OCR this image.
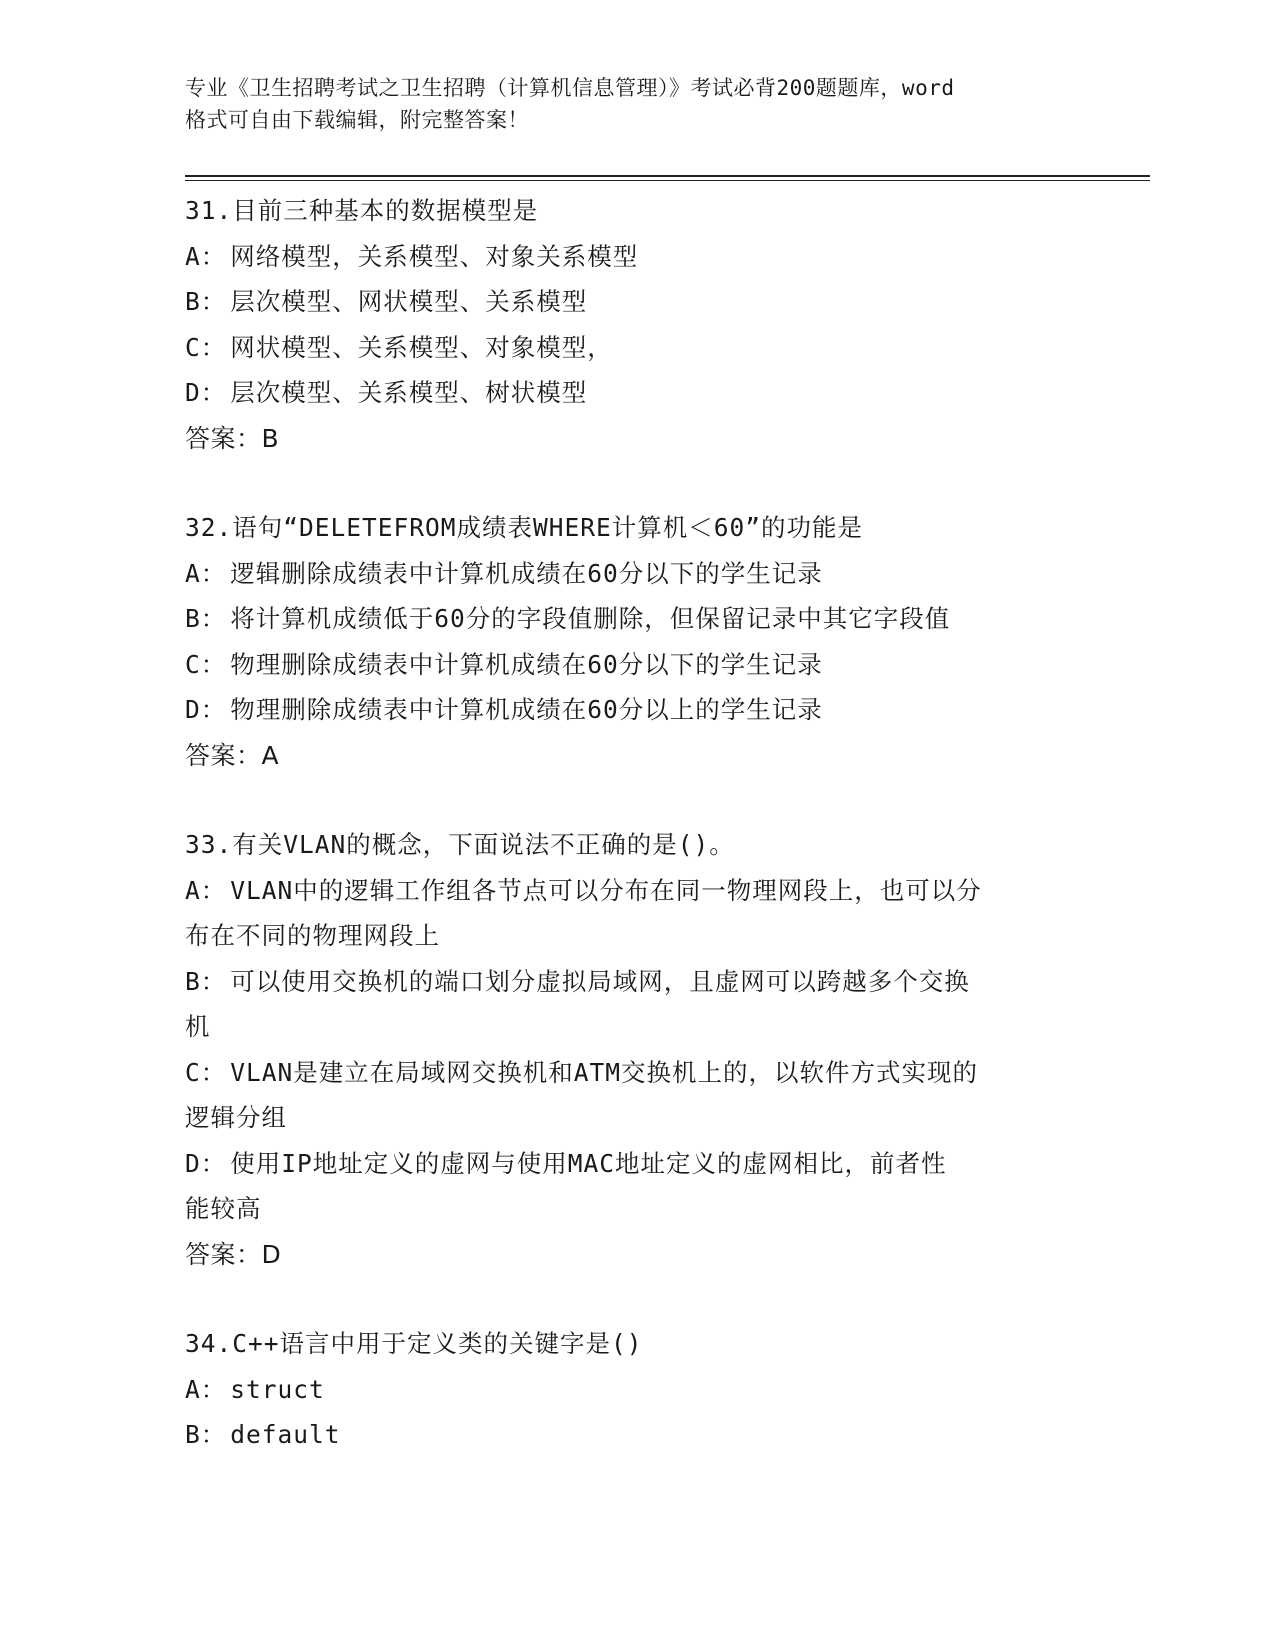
专业《卫生招聘考试之卫生招聘（计算机信息管理）》考试必背200题题库，word
格式可自由下载编辑，附完整答案！
31.目前三种基本的数据模型是
A： 网络模型，关系模型、对象关系模型
B： 层次模型、网状模型、关系模型
C： 网状模型、关系模型、对象模型，
D： 层次模型、关系模型、树状模型
答案：B
32.语句“DELETEFROM成绩表WHERE计算机＜60”的功能是
A： 逻辑删除成绩表中计算机成绩在60分以下的学生记录
B： 将计算机成绩低于60分的字段值删除，但保留记录中其它字段值
C： 物理删除成绩表中计算机成绩在60分以下的学生记录
D： 物理删除成绩表中计算机成绩在60分以上的学生记录
答案：A
33.有关VLAN的概念，下面说法不正确的是()。
A： VLAN中的逻辑工作组各节点可以分布在同一物理网段上，也可以分
布在不同的物理网段上
B： 可以使用交换机的端口划分虚拟局域网，且虚网可以跨越多个交换
机
C： VLAN是建立在局域网交换机和ATM交换机上的，以软件方式实现的
逻辑分组
D： 使用IP地址定义的虚网与使用MAC地址定义的虚网相比，前者性
能较高
答案：D
34.C++语言中用于定义类的关键字是()
A： struct
B： default
